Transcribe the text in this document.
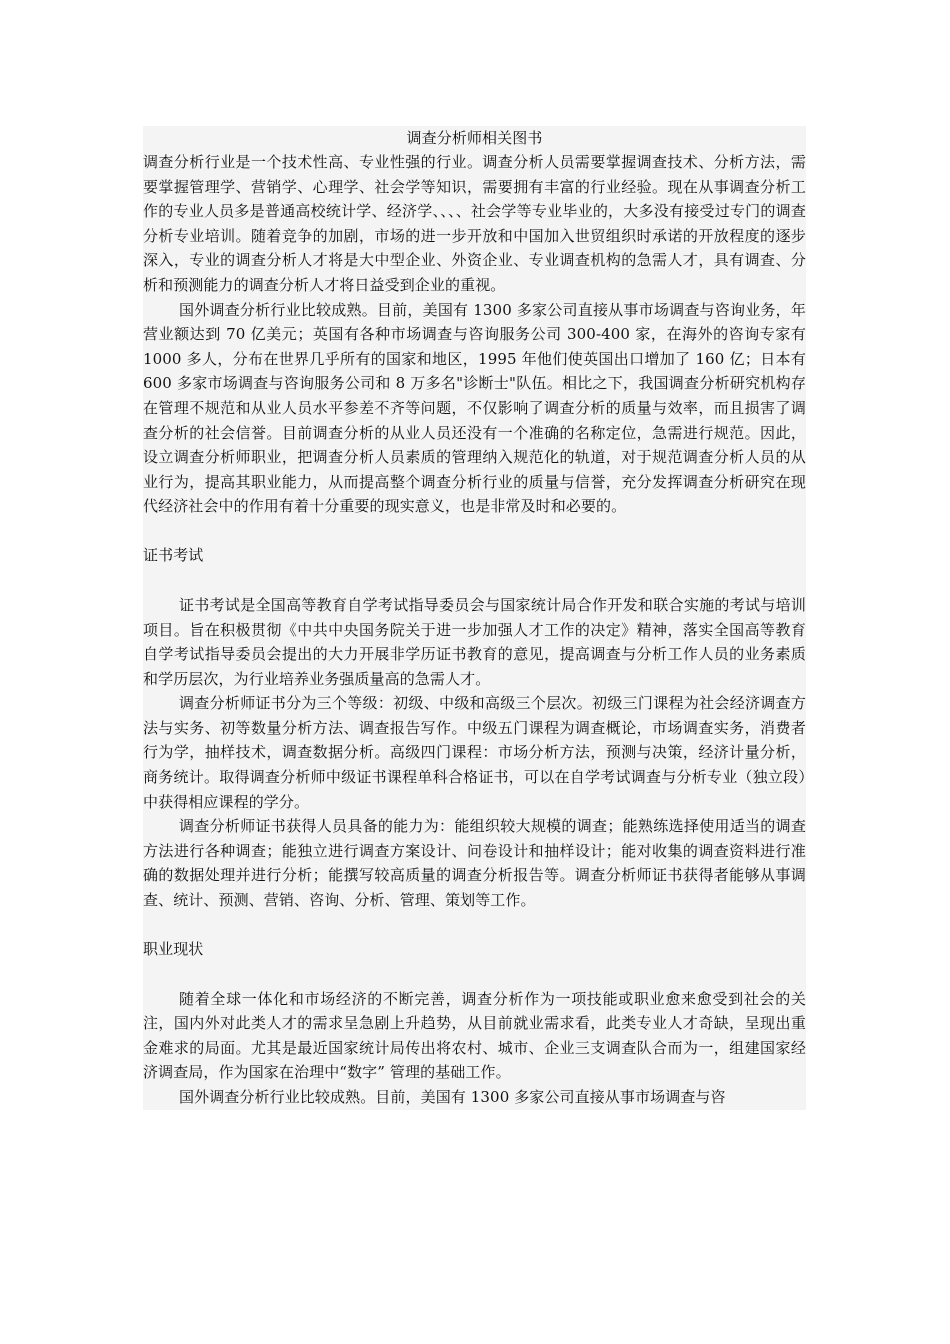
调查分析师相关图书

调查分析行业是一个技术性高、专业性强的行业。调查分析人员需要掌握调查技术、分析方法，需要掌握管理学、营销学、心理学、社会学等知识，需要拥有丰富的行业经验。现在从事调查分析工作的专业人员多是普通高校统计学、经济学、、、、社会学等专业毕业的，大多没有接受过专门的调查分析专业培训。随着竞争的加剧，市场的进一步开放和中国加入世贸组织时承诺的开放程度的逐步深入，专业的调查分析人才将是大中型企业、外资企业、专业调查机构的急需人才，具有调查、分析和预测能力的调查分析人才将日益受到企业的重视。

国外调查分析行业比较成熟。目前，美国有 1300 多家公司直接从事市场调查与咨询业务，年营业额达到 70 亿美元；英国有各种市场调查与咨询服务公司 300-400 家，在海外的咨询专家有 1000 多人，分布在世界几乎所有的国家和地区，1995 年他们使英国出口增加了 160 亿；日本有 600 多家市场调查与咨询服务公司和 8 万多名"诊断士"队伍。相比之下，我国调查分析研究机构存在管理不规范和从业人员水平参差不齐等问题，不仅影响了调查分析的质量与效率，而且损害了调查分析的社会信誉。目前调查分析的从业人员还没有一个准确的名称定位，急需进行规范。因此，设立调查分析师职业，把调查分析人员素质的管理纳入规范化的轨道，对于规范调查分析人员的从业行为，提高其职业能力，从而提高整个调查分析行业的质量与信誉，充分发挥调查分析研究在现代经济社会中的作用有着十分重要的现实意义，也是非常及时和必要的。

证书考试

证书考试是全国高等教育自学考试指导委员会与国家统计局合作开发和联合实施的考试与培训项目。旨在积极贯彻《中共中央国务院关于进一步加强人才工作的决定》精神，落实全国高等教育自学考试指导委员会提出的大力开展非学历证书教育的意见，提高调查与分析工作人员的业务素质和学历层次，为行业培养业务强质量高的急需人才。

调查分析师证书分为三个等级：初级、中级和高级三个层次。初级三门课程为社会经济调查方法与实务、初等数量分析方法、调查报告写作。中级五门课程为调查概论，市场调查实务，消费者行为学，抽样技术，调查数据分析。高级四门课程：市场分析方法，预测与决策，经济计量分析，商务统计。取得调查分析师中级证书课程单科合格证书，可以在自学考试调查与分析专业（独立段）中获得相应课程的学分。

调查分析师证书获得人员具备的能力为：能组织较大规模的调查；能熟练选择使用适当的调查方法进行各种调查；能独立进行调查方案设计、问卷设计和抽样设计；能对收集的调查资料进行准确的数据处理并进行分析；能撰写较高质量的调查分析报告等。调查分析师证书获得者能够从事调查、统计、预测、营销、咨询、分析、管理、策划等工作。

职业现状

随着全球一体化和市场经济的不断完善，调查分析作为一项技能或职业愈来愈受到社会的关注，国内外对此类人才的需求呈急剧上升趋势，从目前就业需求看，此类专业人才奇缺，呈现出重金难求的局面。尤其是最近国家统计局传出将农村、城市、企业三支调查队合而为一，组建国家经济调查局，作为国家在治理中“数字” 管理的基础工作。

国外调查分析行业比较成熟。目前，美国有 1300 多家公司直接从事市场调查与咨
